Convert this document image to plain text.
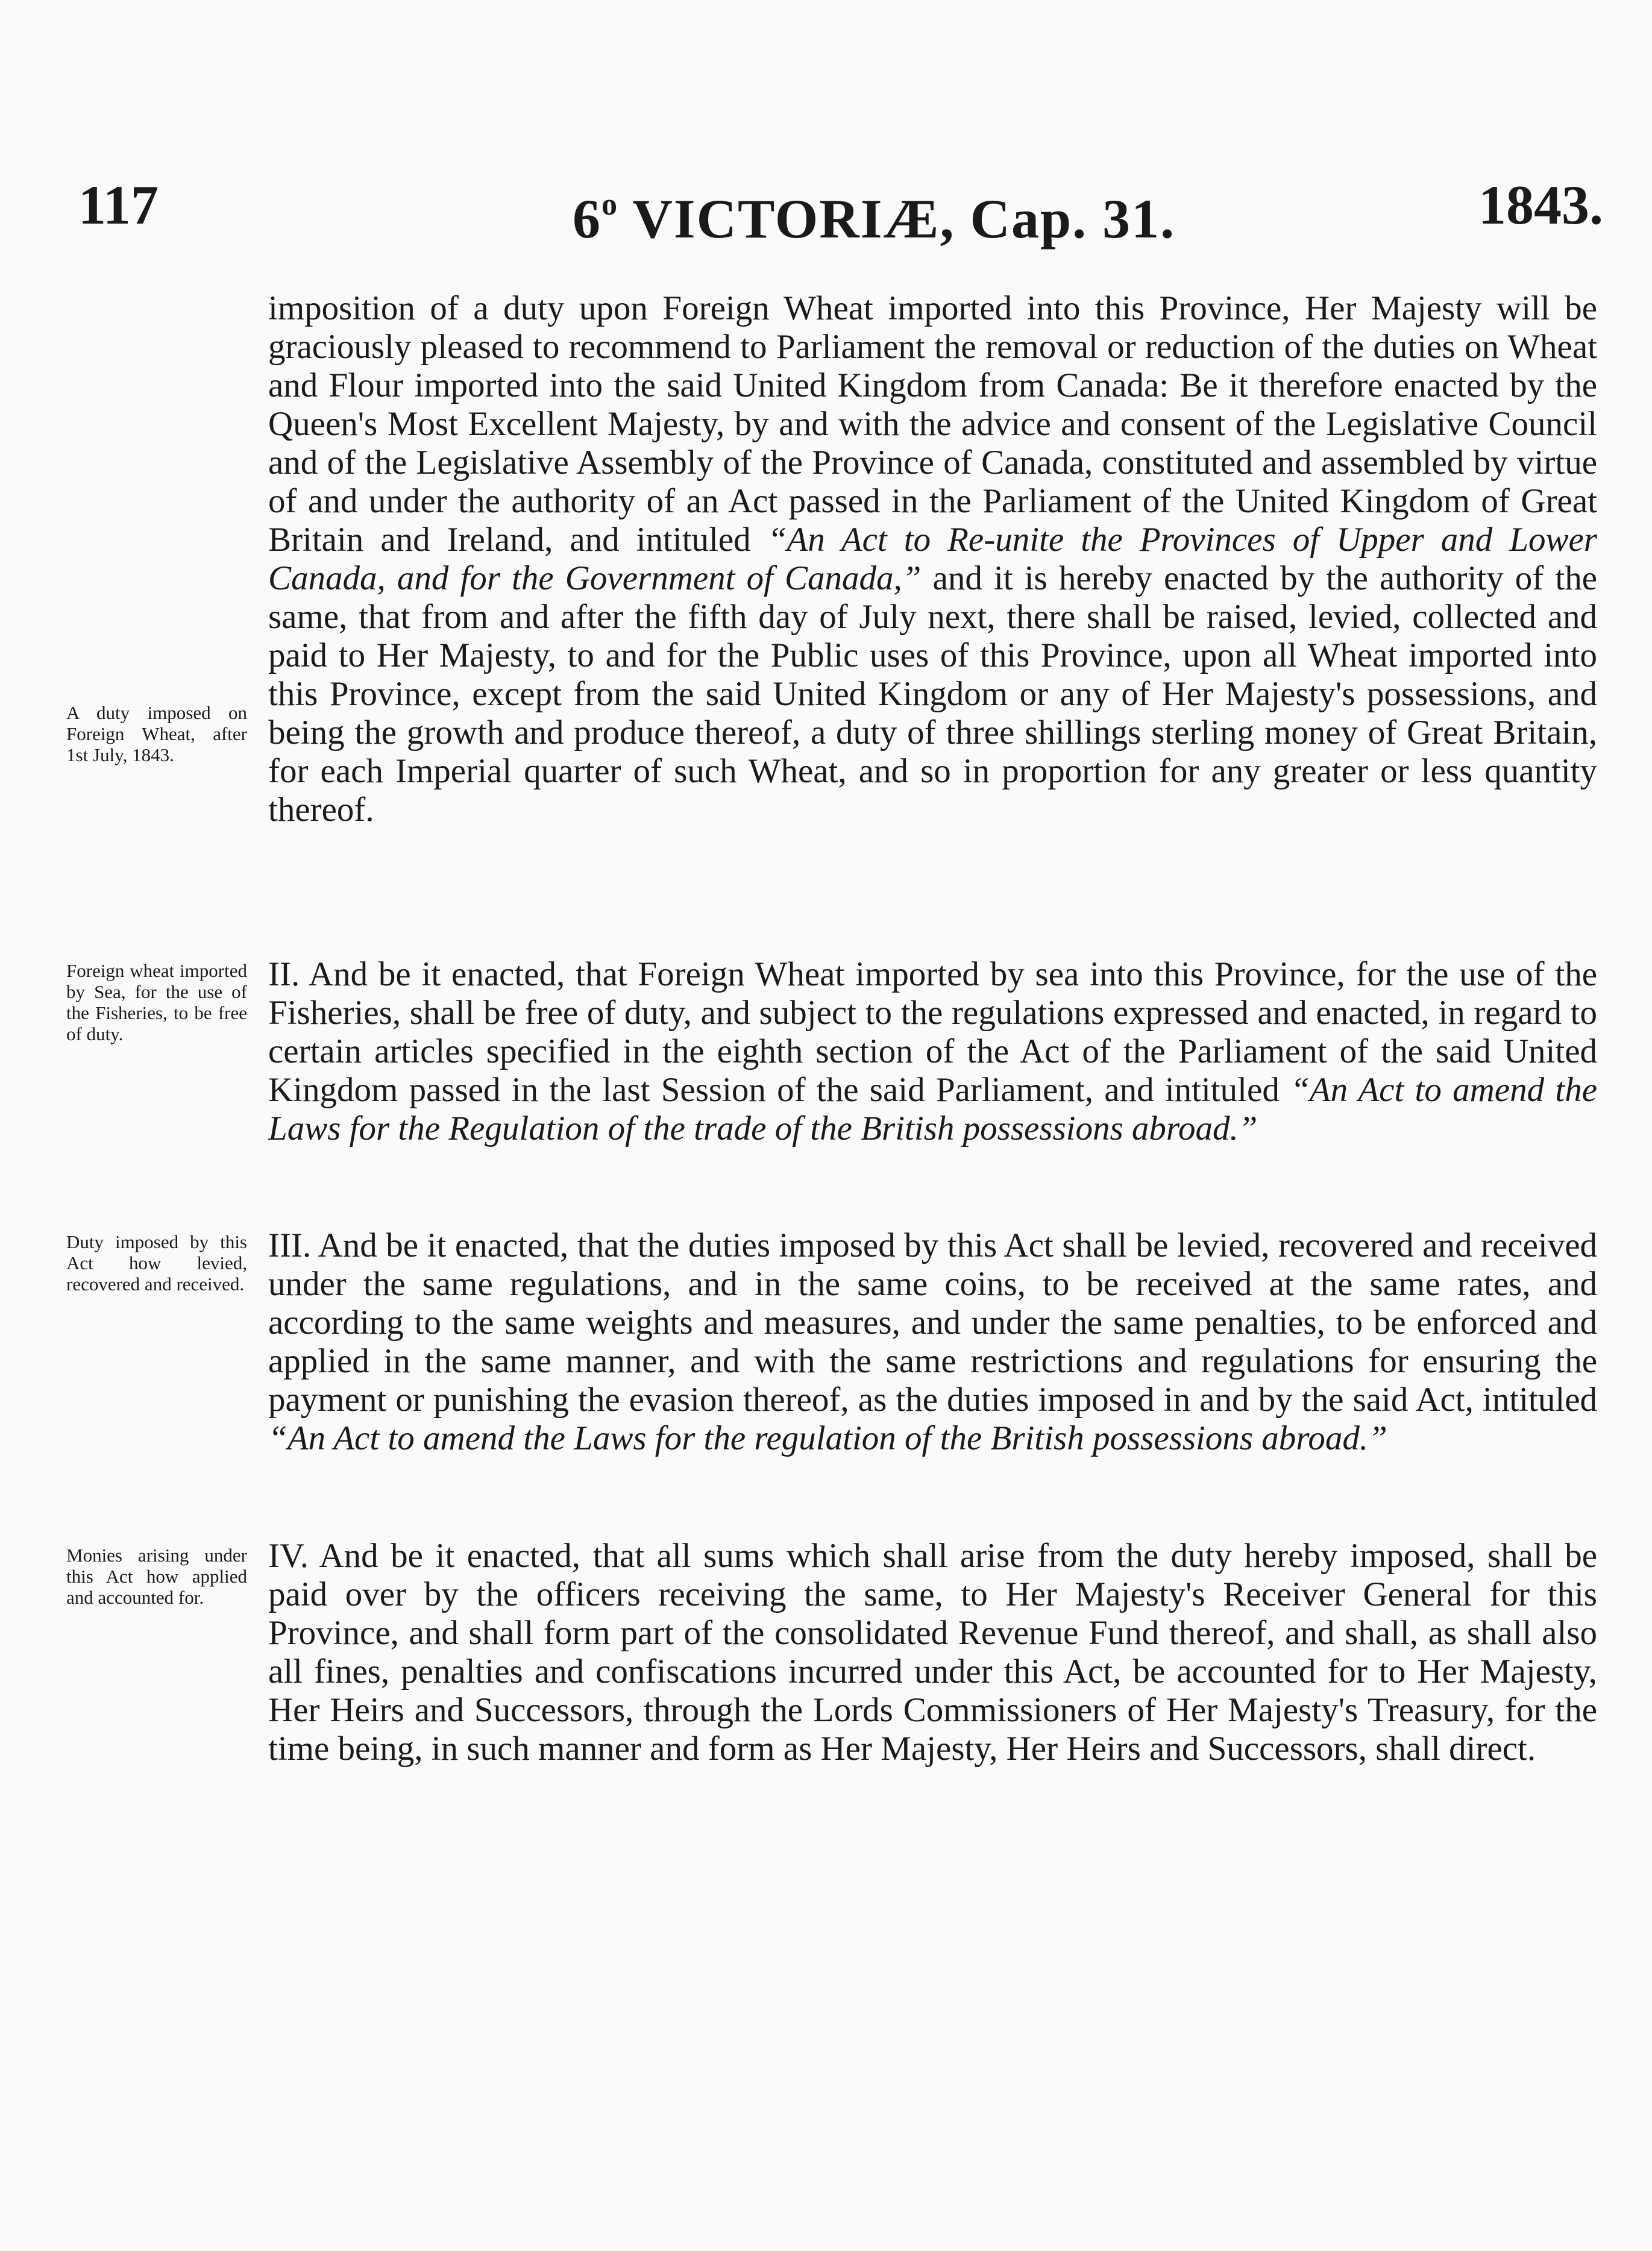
117	6$^o$ VICTORIÆ, Cap. 31.	1843.

imposition of a duty upon Foreign Wheat imported into this Province, Her Majesty will be graciously pleased to recommend to Parliament the removal or reduction of the duties on Wheat and Flour imported into the said United Kingdom from Canada: Be it therefore enacted by the Queen's Most Excellent Majesty, by and with the advice and consent of the Legislative Council and of the Legislative Assembly of the Province of Canada, constituted and assembled by virtue of and under the authority of an Act passed in the Parliament of the United Kingdom of Great Britain and Ireland, and intituled “An Act to Re-unite the Provinces of Upper and Lower Canada, and for the Government of Canada,” and it is hereby enacted by the authority of the same, that from and after the fifth day of July next, there shall be raised, levied, collected and paid to Her Majesty, to and for the Public uses of this Province, upon all Wheat imported into this Province, except from the said United Kingdom or any of Her Majesty's possessions, and being the growth and produce thereof, a duty of three shillings sterling money of Great Britain, for each Imperial quarter of such Wheat, and so in proportion for any greater or less quantity thereof.

II. And be it enacted, that Foreign Wheat imported by sea into this Province, for the use of the Fisheries, shall be free of duty, and subject to the regulations expressed and enacted, in regard to certain articles specified in the eighth section of the Act of the Parliament of the said United Kingdom passed in the last Session of the said Parliament, and intituled “An Act to amend the Laws for the Regulation of the trade of the British possessions abroad.”

III. And be it enacted, that the duties imposed by this Act shall be levied, recovered and received under the same regulations, and in the same coins, to be received at the same rates, and according to the same weights and measures, and under the same penalties, to be enforced and applied in the same manner, and with the same restrictions and regulations for ensuring the payment or punishing the evasion thereof, as the duties imposed in and by the said Act, intituled “An Act to amend the Laws for the regulation of the British possessions abroad.”

IV. And be it enacted, that all sums which shall arise from the duty hereby imposed, shall be paid over by the officers receiving the same, to Her Majesty's Receiver General for this Province, and shall form part of the consolidated Revenue Fund thereof, and shall, as shall also all fines, penalties and confiscations incurred under this Act, be accounted for to Her Majesty, Her Heirs and Successors, through the Lords Commissioners of Her Majesty's Treasury, for the time being, in such manner and form as Her Majesty, Her Heirs and Successors, shall direct.

A duty imposed on Foreign Wheat, after 1st July, 1843.
Foreign wheat imported by Sea, for the use of the Fisheries, to be free of duty.
Duty imposed by this Act how levied, recovered and received.
Monies arising under this Act how applied and accounted for.
